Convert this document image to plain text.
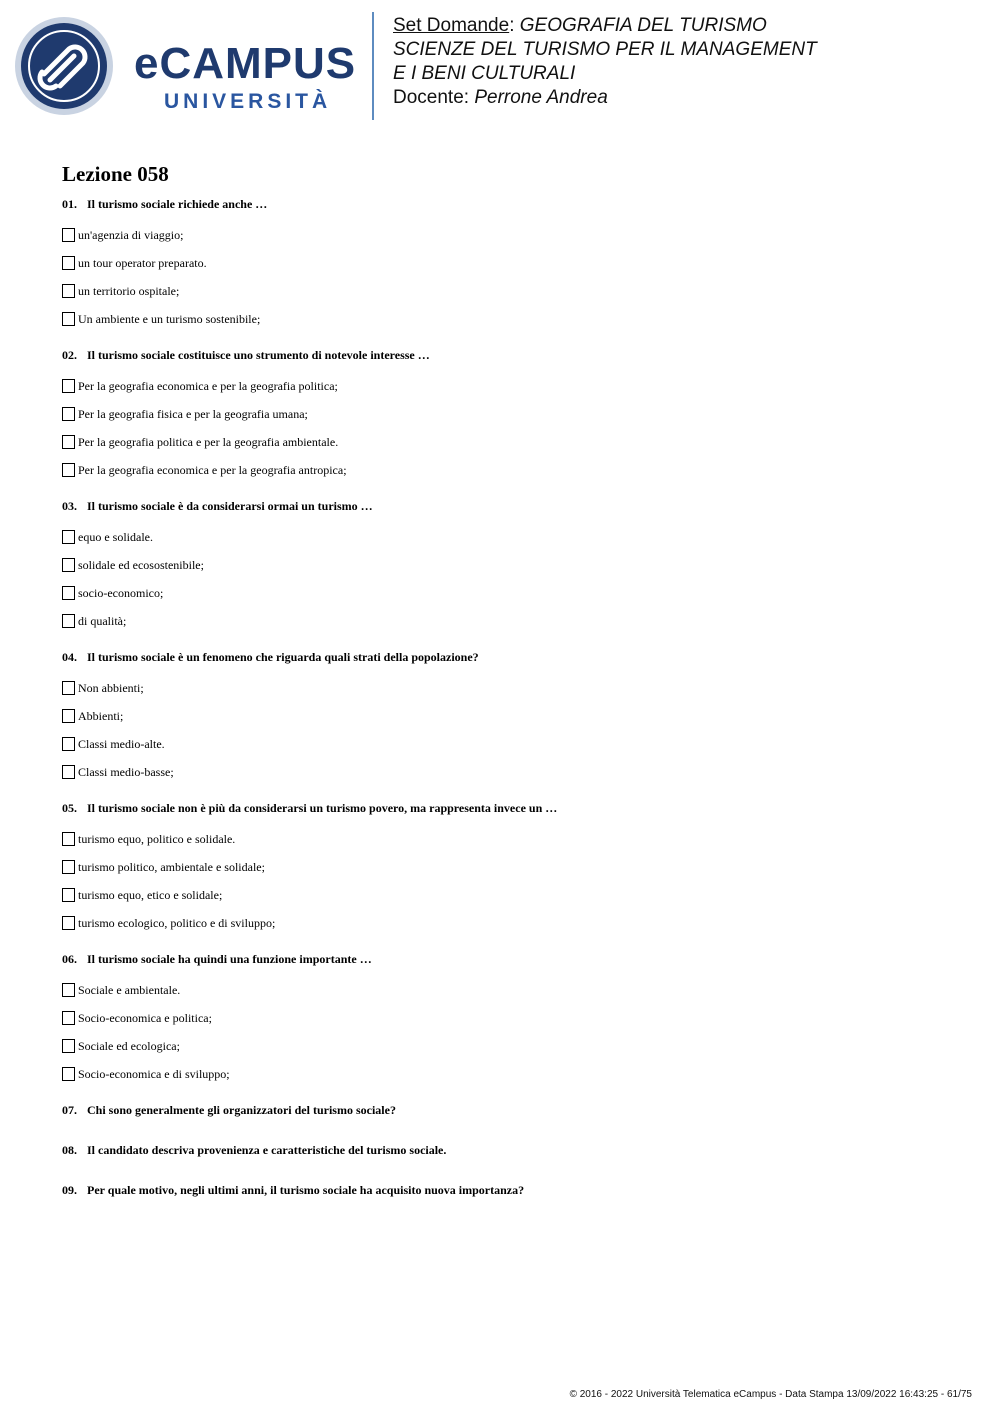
eCAMPUS
UNIVERSITÀ
Set Domande: GEOGRAFIA DEL TURISMO
SCIENZE DEL TURISMO PER IL MANAGEMENT
E I BENI CULTURALI
Docente: Perrone Andrea
Lezione 058
01. Il turismo sociale richiede anche …
un'agenzia di viaggio;
un tour operator preparato.
un territorio ospitale;
Un ambiente e un turismo sostenibile;
02. Il turismo sociale costituisce uno strumento di notevole interesse …
Per la geografia economica e per la geografia politica;
Per la geografia fisica e per la geografia umana;
Per la geografia politica e per la geografia ambientale.
Per la geografia economica e per la geografia antropica;
03. Il turismo sociale è da considerarsi ormai un turismo …
equo e solidale.
solidale ed ecosostenibile;
socio-economico;
di qualità;
04. Il turismo sociale è un fenomeno che riguarda quali strati della popolazione?
Non abbienti;
Abbienti;
Classi medio-alte.
Classi medio-basse;
05. Il turismo sociale non è più da considerarsi un turismo povero, ma rappresenta invece un …
turismo equo, politico e solidale.
turismo politico, ambientale e solidale;
turismo equo, etico e solidale;
turismo ecologico, politico e di sviluppo;
06. Il turismo sociale ha quindi una funzione importante …
Sociale e ambientale.
Socio-economica e politica;
Sociale ed ecologica;
Socio-economica e di sviluppo;
07. Chi sono generalmente gli organizzatori del turismo sociale?
08. Il candidato descriva provenienza e caratteristiche del turismo sociale.
09. Per quale motivo, negli ultimi anni, il turismo sociale ha acquisito nuova importanza?
© 2016 - 2022 Università Telematica eCampus - Data Stampa 13/09/2022 16:43:25 - 61/75
